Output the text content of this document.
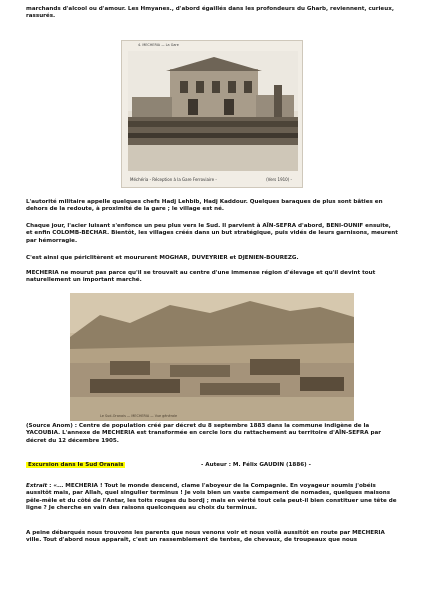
marchands d'alcool ou d'amour. Les Hmyanes., d'abord égaillés dans les profondeurs du Gharb, reviennent, curieux, rassurés.

4. MECHERIA — La Gare
Méchéria - Réception à la Gare Ferroviaire -	(Vers 1910) -

L'autorité militaire appelle quelques chefs Hadj Lehbib, Hadj Kaddour. Quelques baraques de plus sont bâties en dehors de la redoute, à proximité de la gare ; le village est né.

Chaque jour, l'acier luisant s'enfonce un peu plus vers le Sud. Il parvient à AÏN-SEFRA d'abord, BENI-OUNIF ensuite, et enfin COLOMB-BECHAR. Bientôt, les villages créés dans un but stratégique, puis vidés de leurs garnisons, meurent par hémorragie.

C'est ainsi que périclitèrent et moururent MOGHAR, DUVEYRIER et DJENIEN-BOUREZG.

MECHERIA ne mourut pas parce qu'il se trouvait au centre d'une immense région d'élevage et qu'il devint tout naturellement un important marché.

Le Sud-Oranais — MECHERIA — Vue générale

(Source Anom) : Centre de population créé par décret du 8 septembre 1883 dans la commune indigène de la YACOUBIA. L'annexe de MECHERIA est transformée en cercle lors du rattachement au territoire d'AÏN-SEFRA par décret du 12 décembre 1905.

Excursion dans le Sud Oranais	- Auteur : M. Félix GAUDIN (1886) -

Extrait : «... MECHERIA ! Tout le monde descend, clame l'aboyeur de la Compagnie. En voyageur soumis j'obéis aussitôt mais, par Allah, quel singulier terminus ! Je vois bien un vaste campement de nomades, quelques maisons pêle-mêle et du côté de l'Antar, les toits rouges du bordj ; mais en vérité tout cela peut-il bien constituer une tête de ligne ? Je cherche en vain des raisons quelconques au choix du terminus.

A peine débarqués nous trouvons les parents que nous venons voir et nous voilà aussitôt en route par MECHERIA ville. Tout d'abord nous apparaît, c'est un rassemblement de tentes, de chevaux, de troupeaux que nous
